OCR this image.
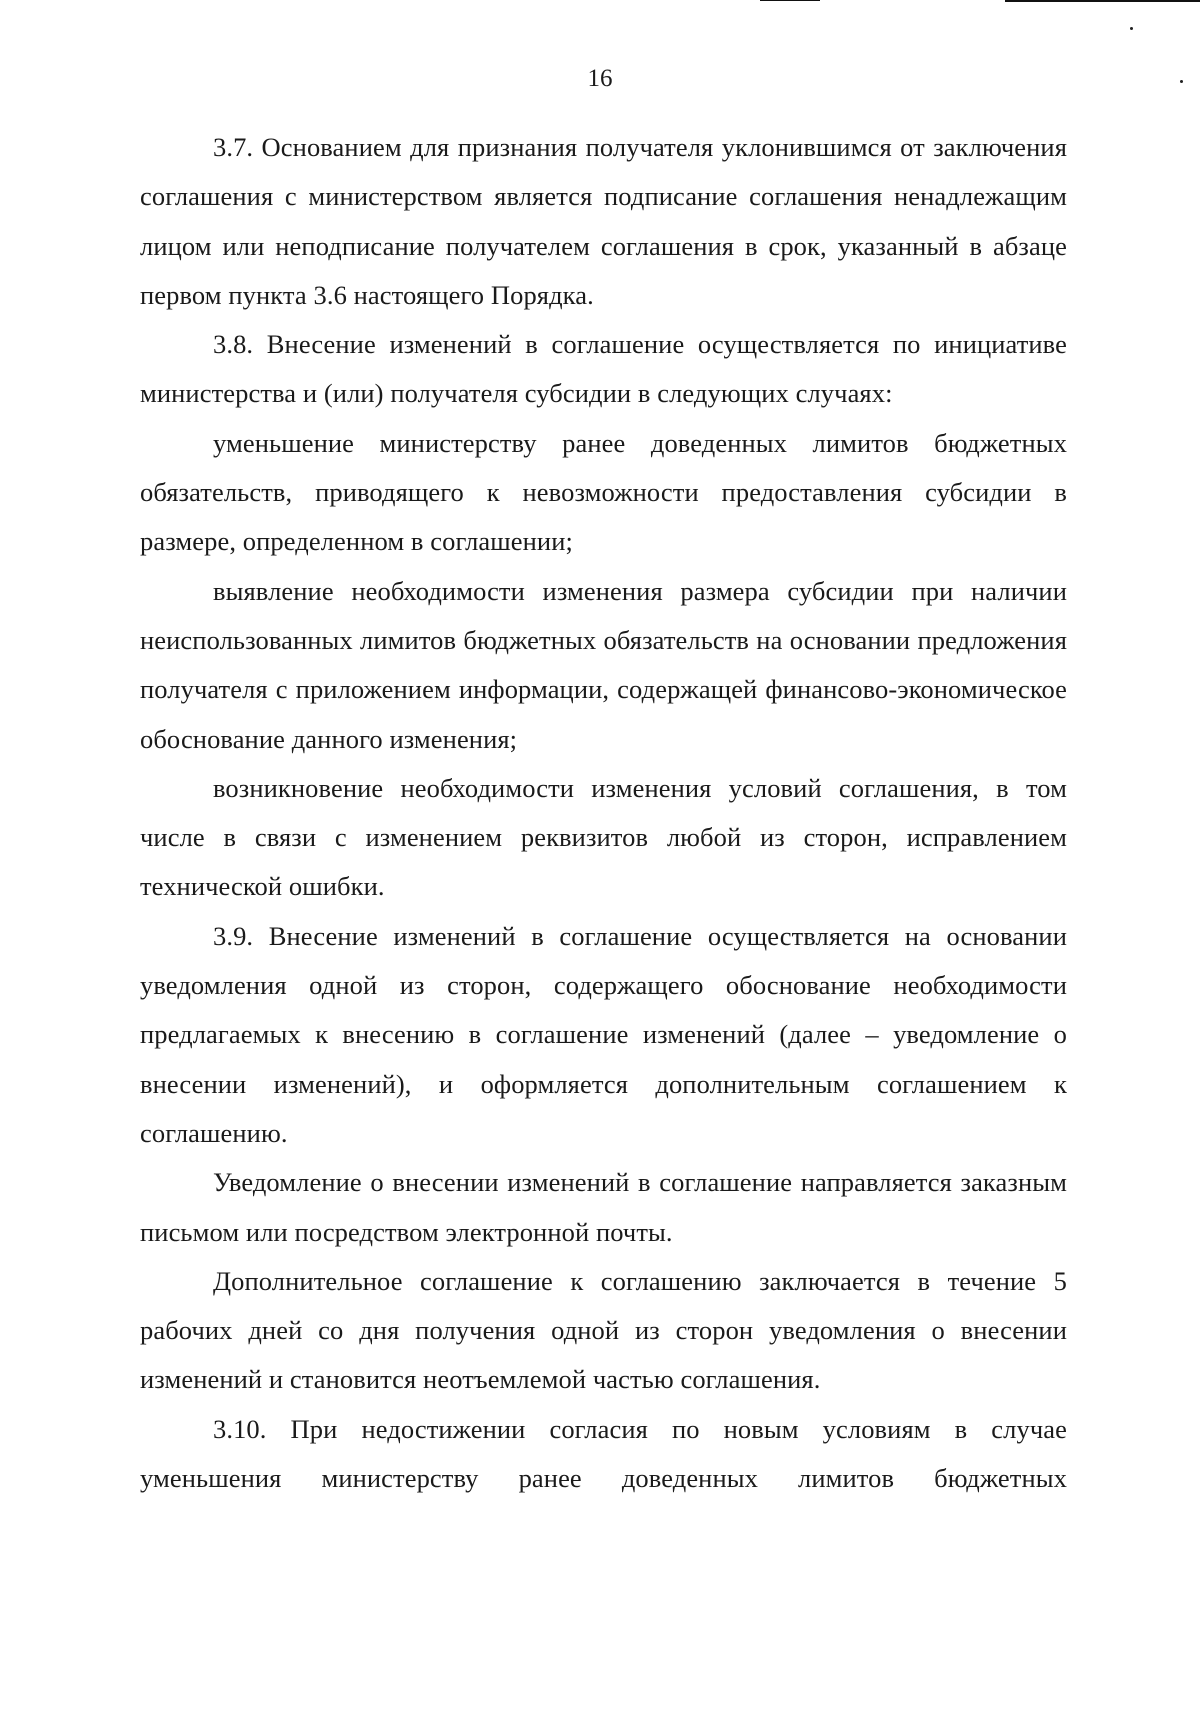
16

3.7. Основанием для признания получателя уклонившимся от заключения соглашения с министерством является подписание соглашения ненадлежащим лицом или неподписание получателем соглашения в срок, указанный в абзаце первом пункта 3.6 настоящего Порядка.

3.8. Внесение изменений в соглашение осуществляется по инициативе министерства и (или) получателя субсидии в следующих случаях:

уменьшение министерству ранее доведенных лимитов бюджетных обязательств, приводящего к невозможности предоставления субсидии в размере, определенном в соглашении;

выявление необходимости изменения размера субсидии при наличии неиспользованных лимитов бюджетных обязательств на основании предложения получателя с приложением информации, содержащей финансово-экономическое обоснование данного изменения;

возникновение необходимости изменения условий соглашения, в том числе в связи с изменением реквизитов любой из сторон, исправлением технической ошибки.

3.9. Внесение изменений в соглашение осуществляется на основании уведомления одной из сторон, содержащего обоснование необходимости предлагаемых к внесению в соглашение изменений (далее – уведомление о внесении изменений), и оформляется дополнительным соглашением к соглашению.

Уведомление о внесении изменений в соглашение направляется заказным письмом или посредством электронной почты.

Дополнительное соглашение к соглашению заключается в течение 5 рабочих дней со дня получения одной из сторон уведомления о внесении изменений и становится неотъемлемой частью соглашения.

3.10. При недостижении согласия по новым условиям в случае уменьшения министерству ранее доведенных лимитов бюджетных
